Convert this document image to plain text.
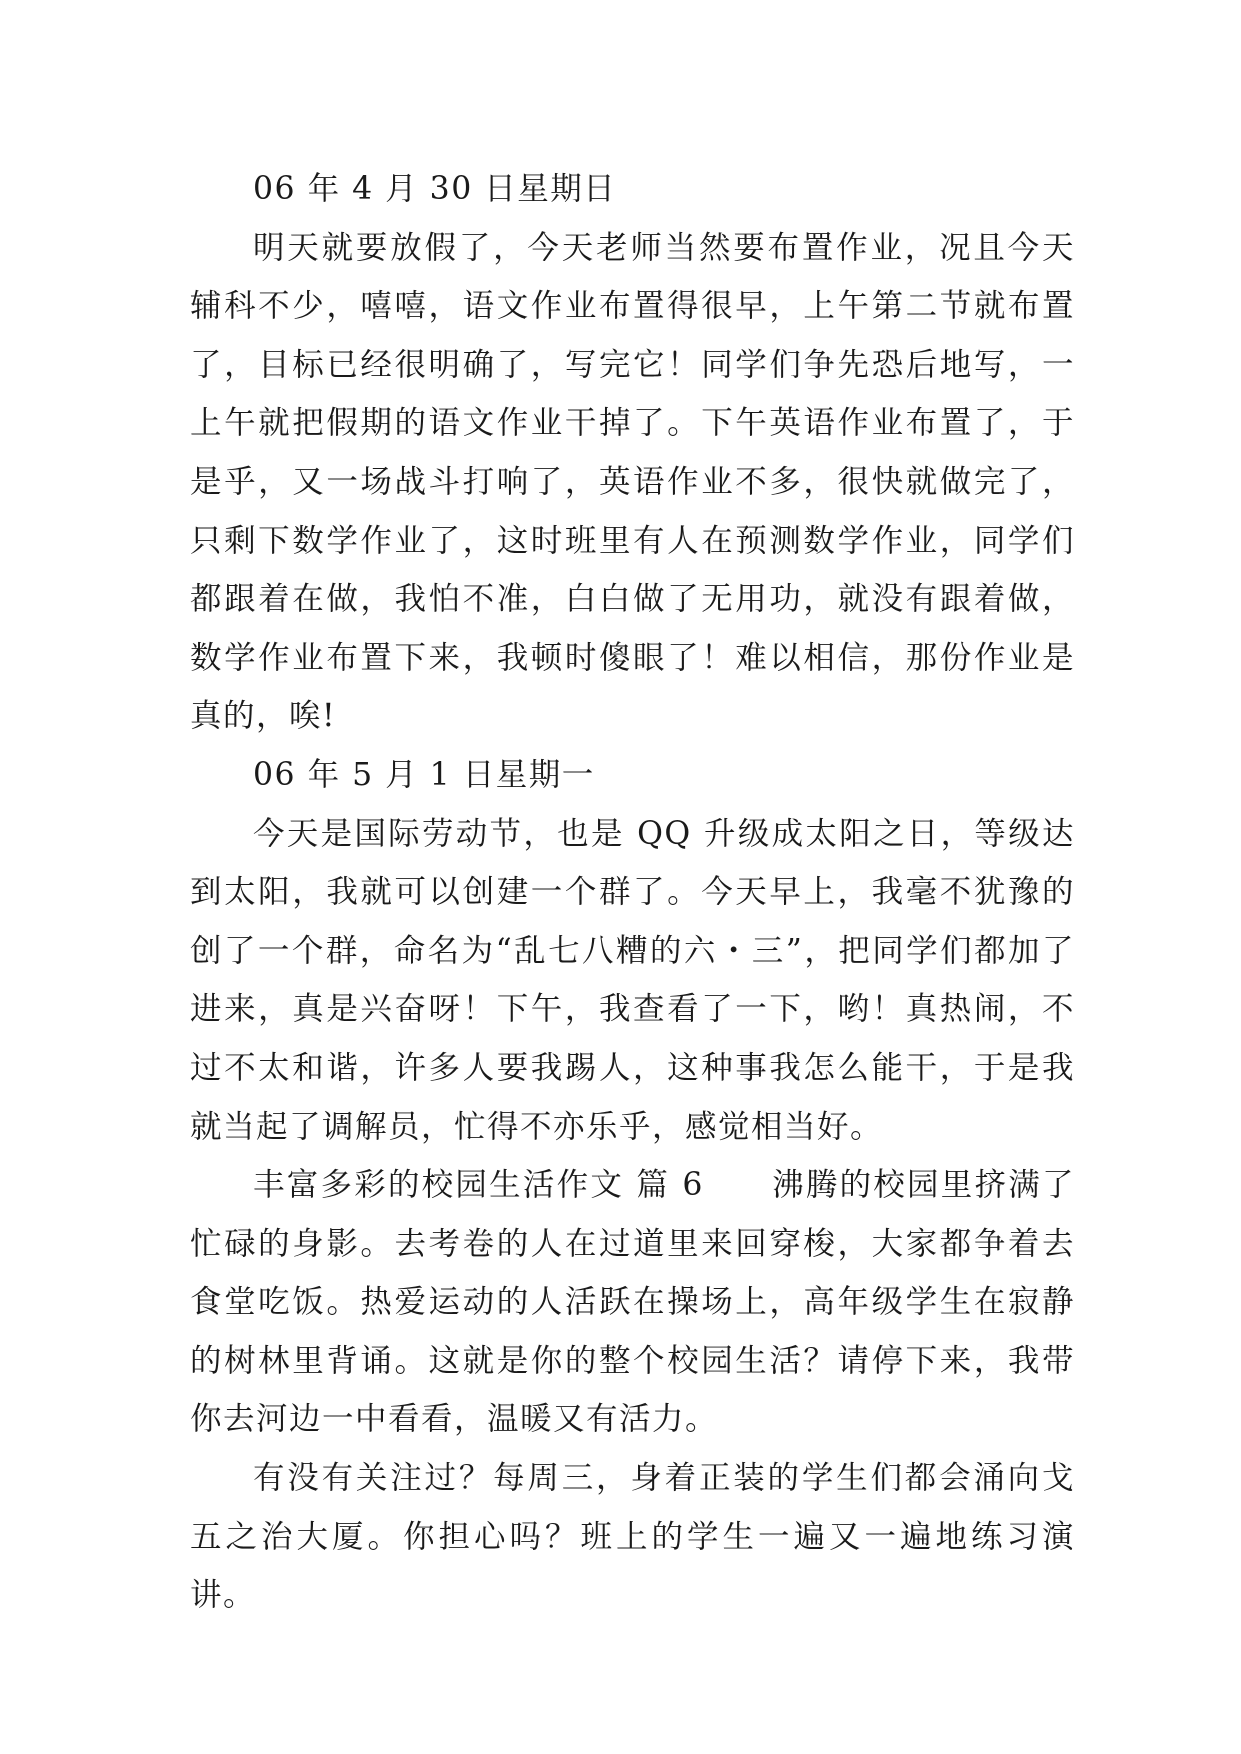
06 年 4 月 30 日星期日

明天就要放假了，今天老师当然要布置作业，况且今天辅科不少，嘻嘻，语文作业布置得很早，上午第二节就布置了，目标已经很明确了，写完它！同学们争先恐后地写，一上午就把假期的语文作业干掉了。下午英语作业布置了，于是乎，又一场战斗打响了，英语作业不多，很快就做完了，只剩下数学作业了，这时班里有人在预测数学作业，同学们都跟着在做，我怕不准，白白做了无用功，就没有跟着做，数学作业布置下来，我顿时傻眼了！难以相信，那份作业是真的，唉!

06 年 5 月 1 日星期一

今天是国际劳动节，也是 QQ 升级成太阳之日，等级达到太阳，我就可以创建一个群了。今天早上，我毫不犹豫的创了一个群，命名为“乱七八糟的六・三”，把同学们都加了进来，真是兴奋呀！下午，我查看了一下，哟！真热闹，不过不太和谐，许多人要我踢人，这种事我怎么能干，于是我就当起了调解员，忙得不亦乐乎，感觉相当好。

丰富多彩的校园生活作文 篇 6　　沸腾的校园里挤满了忙碌的身影。去考卷的人在过道里来回穿梭，大家都争着去食堂吃饭。热爱运动的人活跃在操场上，高年级学生在寂静的树林里背诵。这就是你的整个校园生活？请停下来，我带你去河边一中看看，温暖又有活力。

有没有关注过？每周三，身着正装的学生们都会涌向戈五之治大厦。你担心吗？班上的学生一遍又一遍地练习演讲。
